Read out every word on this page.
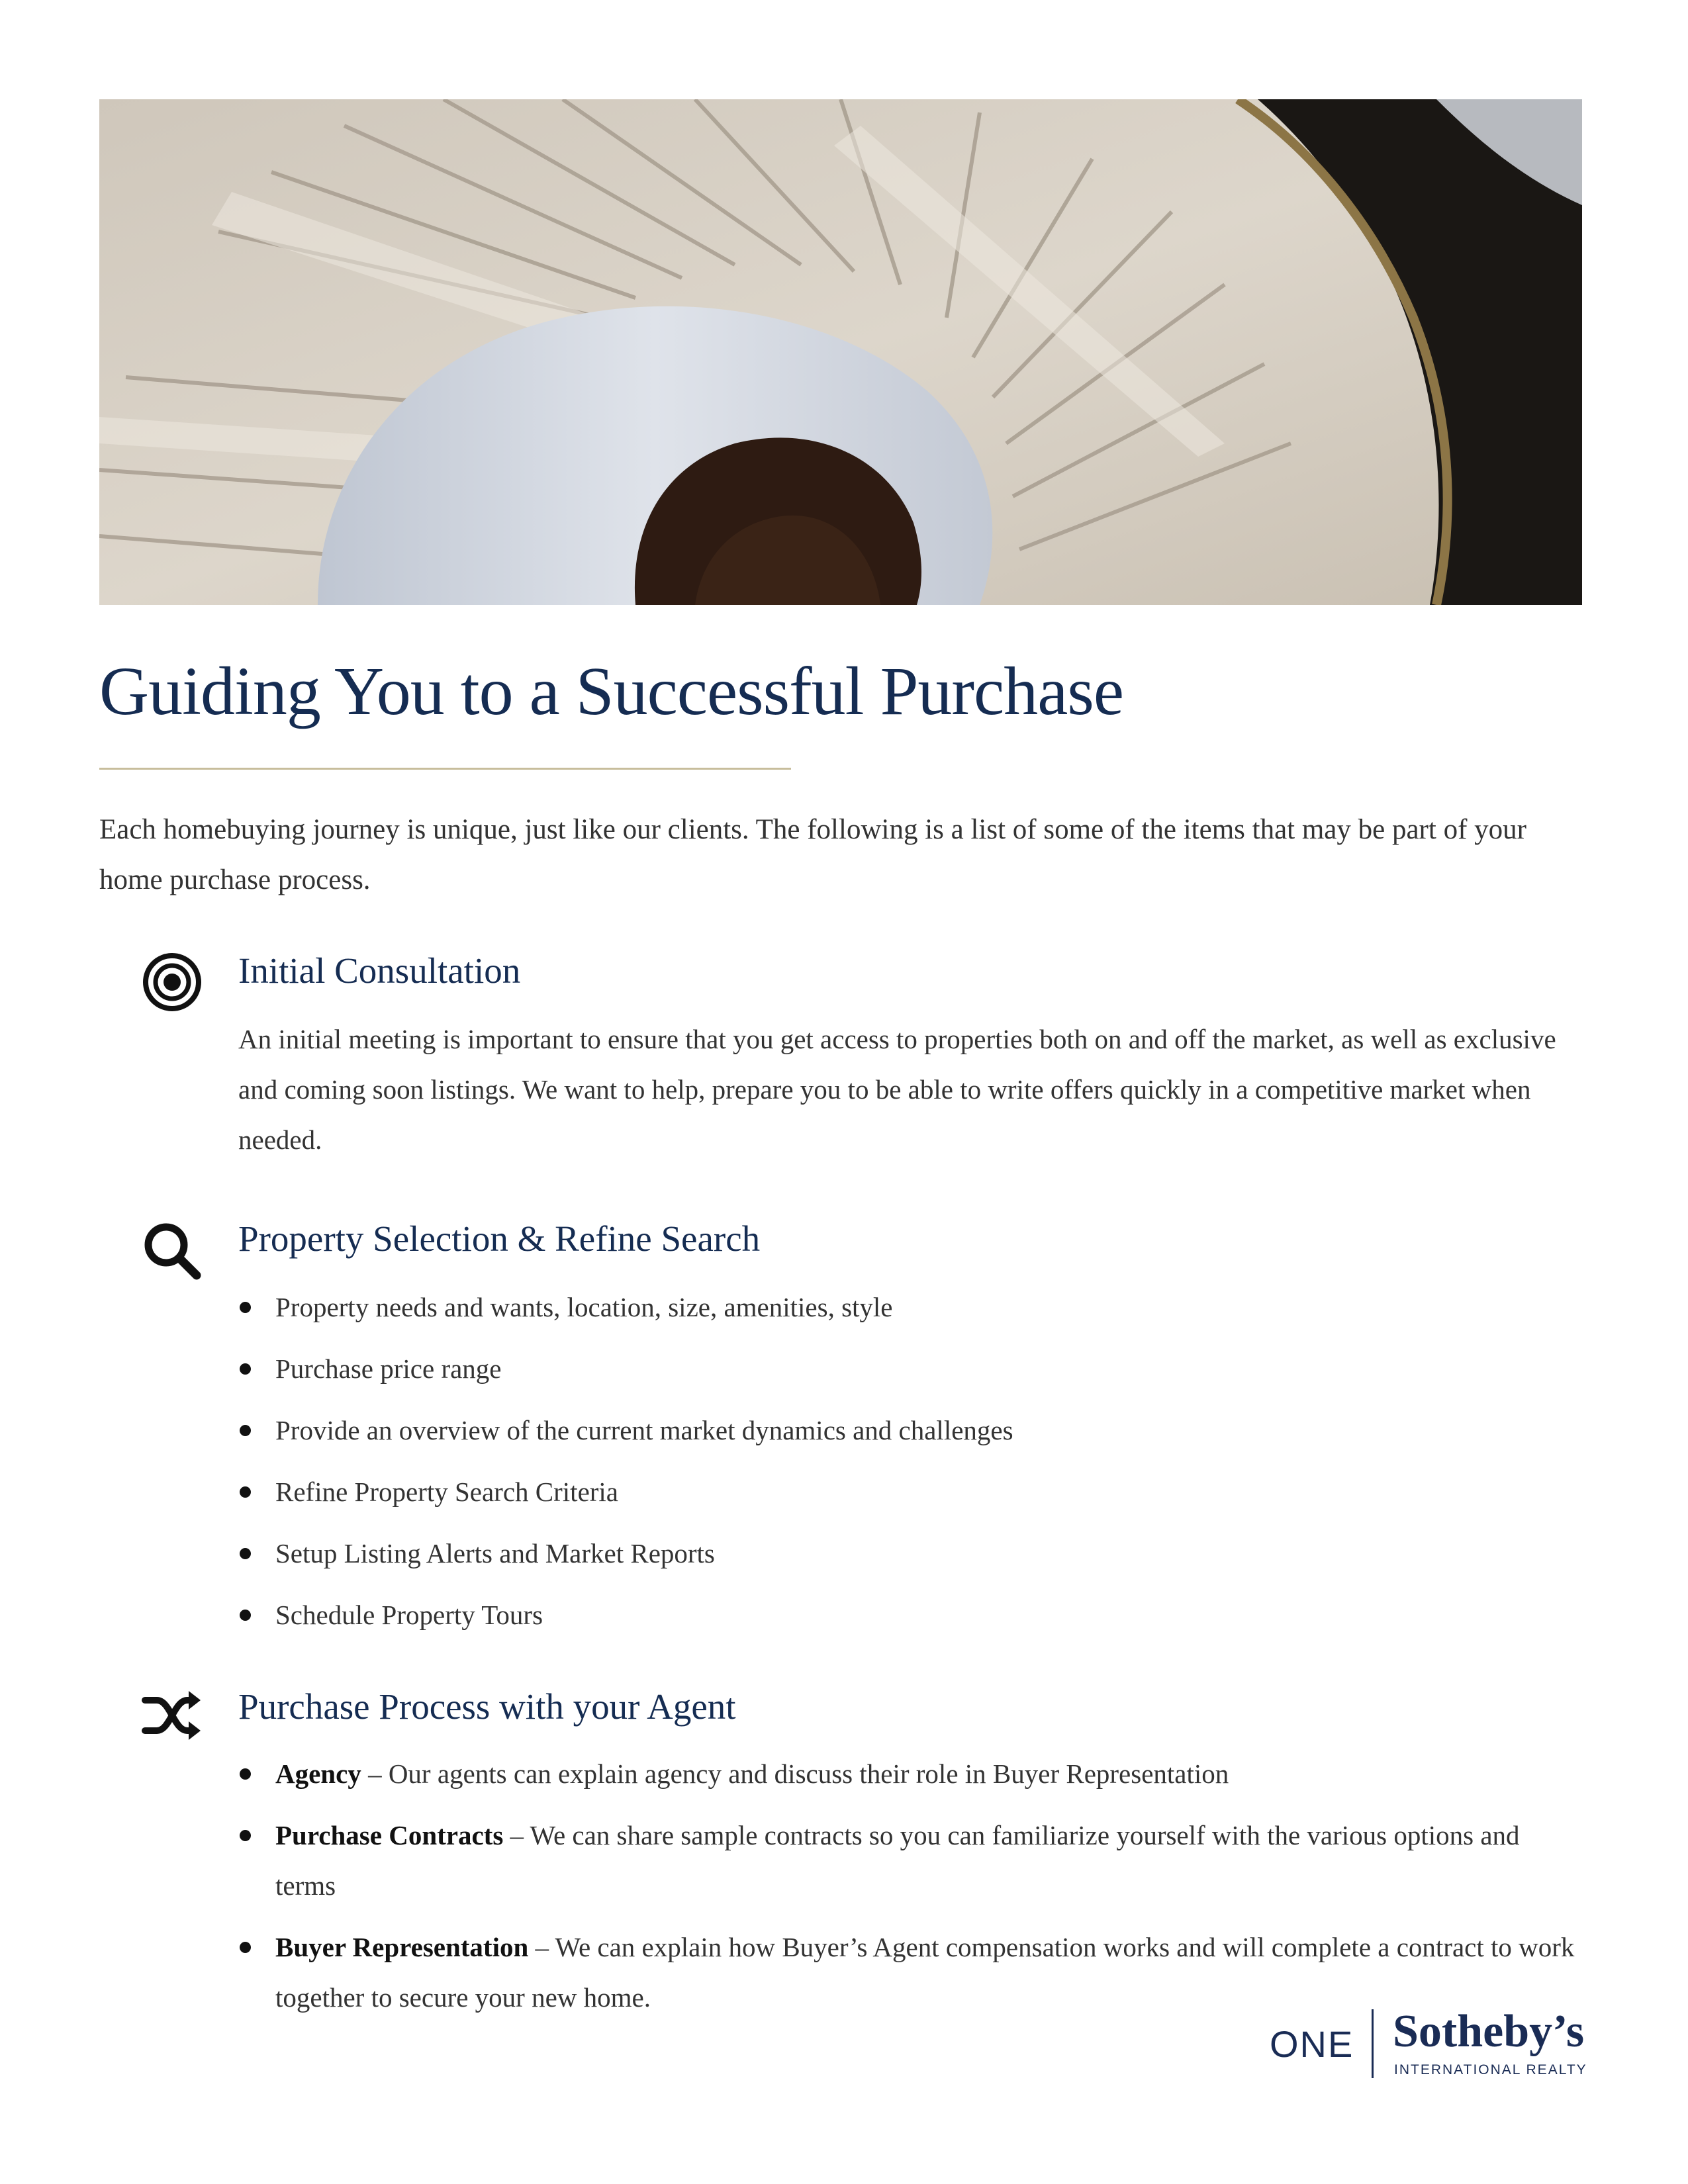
Guiding You to a Successful Purchase

Each homebuying journey is unique, just like our clients. The following is a list of some of the items that may be part of your home purchase process.

Initial Consultation

An initial meeting is important to ensure that you get access to properties both on and off the market, as well as exclusive and coming soon listings. We want to help, prepare you to be able to write offers quickly in a competitive market when needed.

Property Selection & Refine Search
Property needs and wants, location, size, amenities, style
Purchase price range
Provide an overview of the current market dynamics and challenges
Refine Property Search Criteria
Setup Listing Alerts and Market Reports
Schedule Property Tours
Purchase Process with your Agent
Agency – Our agents can explain agency and discuss their role in Buyer Representation
Purchase Contracts – We can share sample contracts so you can familiarize yourself with the various options and terms
Buyer Representation – We can explain how Buyer’s Agent compensation works and will complete a contract to work together to secure your new home.
ONE Sotheby’s
INTERNATIONAL REALTY
